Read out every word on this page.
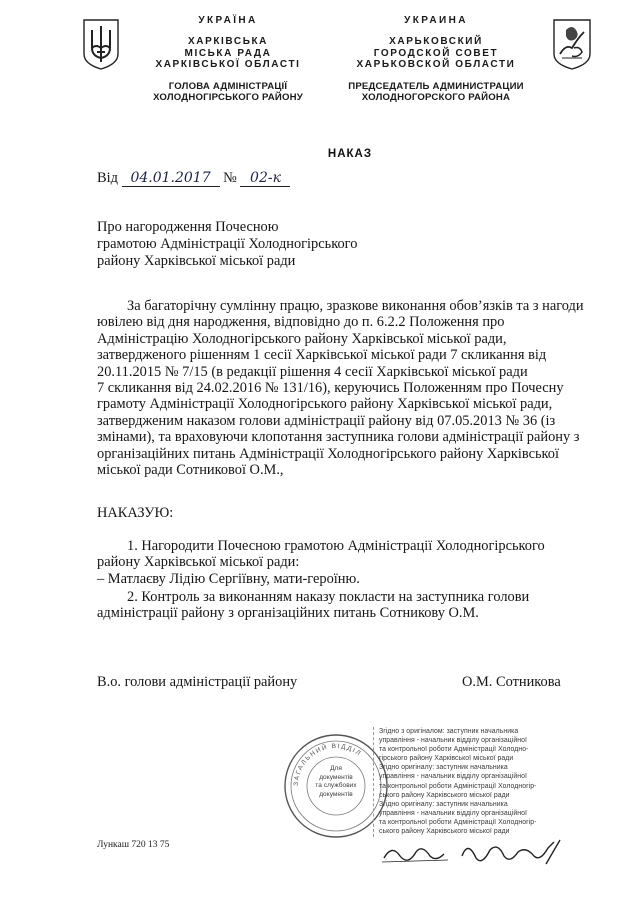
УКРАЇНА
ХАРКІВСЬКА
МІСЬКА РАДА
ХАРКІВСЬКОЇ ОБЛАСТІ
ГОЛОВА АДМІНІСТРАЦІЇ
ХОЛОДНОГІРСЬКОГО РАЙОНУ
УКРАИНА
ХАРЬКОВСКИЙ
ГОРОДСКОЙ СОВЕТ
ХАРЬКОВСКОЙ ОБЛАСТИ
ПРЕДСЕДАТЕЛЬ АДМИНИСТРАЦИИ
ХОЛОДНОГОРСКОГО РАЙОНА
НАКАЗ
Від 04.01.2017 № 02-к
Про нагородження Почесною
грамотою Адміністрації Холодногірського
району Харківської міської ради
За багаторічну сумлінну працю, зразкове виконання обов’язків та з нагоди
ювілею від дня народження, відповідно до п. 6.2.2 Положення про
Адміністрацію Холодногірського району Харківської міської ради,
затвердженого рішенням 1 сесії Харківської міської ради 7 скликання від
20.11.2015 № 7/15 (в редакції рішення 4 сесії Харківської міської ради
7 скликання від 24.02.2016 № 131/16), керуючись Положенням про Почесну
грамоту Адміністрації Холодногірського району Харківської міської ради,
затвердженим наказом голови адміністрації району від 07.05.2013 № 36 (із
змінами), та враховуючи клопотання заступника голови адміністрації району з
організаційних питань Адміністрації Холодногірського району Харківської
міської ради Сотникової О.М.,
НАКАЗУЮ:
1. Нагородити Почесною грамотою Адміністрації Холодногірського
району Харківської міської ради:
– Матлаєву Лідію Сергіївну, мати-героїню.
2. Контроль за виконанням наказу покласти на заступника голови
адміністрації району з організаційних питань Сотникову О.М.
В.о. голови адміністрації району	О.М. Сотникова
ЗАГАЛЬНИЙ ВІДДІЛ
Для
документів
та службових
документів
Згідно з оригіналом: заступник начальника
управління - начальник відділу організаційної
та контрольної роботи Адміністрації Холодно-
гірського району Харківської міської ради
Згідно оригіналу: заступник начальника
управління - начальник відділу організаційної
та контрольної роботи Адміністрації Холодногір-
ського району Харківського міської ради
Згідно оригіналу: заступник начальника
управління - начальник відділу організаційної
та контрольної роботи Адміністрації Холодногір-
ського району Харківського міської ради
Лункаш 720 13 75
